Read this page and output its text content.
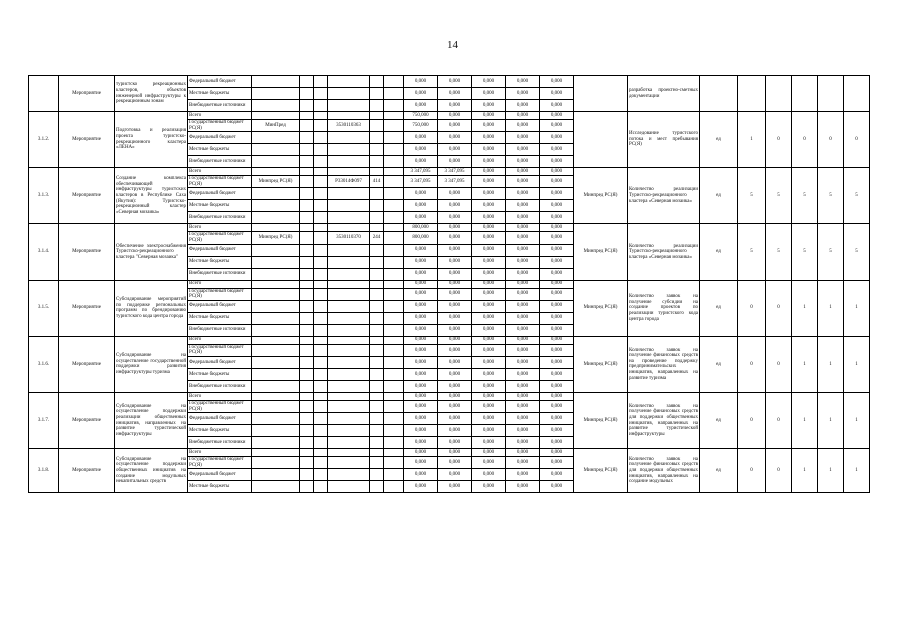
14
	Мероприятие	туристско рекреационных кластеров, объектов инженерной инфраструктуры к рекреационным зонам	Федеральный бюджет							0,000	0,000	0,000	0,000	0,000		разработка проектно-сметных документации						
			Местные бюджеты							0,000	0,000	0,000	0,000	0,000								
			Внебюджетные источники							0,000	0,000	0,000	0,000	0,000								
3.1.2.	Мероприятие	Подготовка и реализация проекта туристско-рекреационного кластера «ЛЕНА»	Всего							750,000	0,000	0,000	0,000	0,000		Исследование туристского потока и мест пребывания РС(Я)	ед	1	0	0	0	0
			Государственный бюджет РС(Я)	МинПред			3530110363			750,000	0,000	0,000	0,000	0,000								
			Федеральный бюджет							0,000	0,000	0,000	0,000	0,000								
			Местные бюджеты							0,000	0,000	0,000	0,000	0,000								
			Внебюджетные источники							0,000	0,000	0,000	0,000	0,000								
3.1.3.	Мероприятие	Создание комплекса обеспечивающей инфраструктуры туристских кластеров в Республике Саха (Якутия): Туристско-рекреационный кластер «Северная мозаика»	Всего							3 347,095	3 347,095	0,000	0,000	0,000	Минпред РС(Я)	Количество реализации Туристско-рекреационного кластера «Северная мозаика»	ед	5	5	5	5	5
			Государственный бюджет РС(Я)	Минпред РС(Я)			Р33014Ф097	414		3 347,095	3 347,095	0,000	0,000	0,000								
			Федеральный бюджет							0,000	0,000	0,000	0,000	0,000								
			Местные бюджеты							0,000	0,000	0,000	0,000	0,000								
			Внебюджетные источники							0,000	0,000	0,000	0,000	0,000								
3.1.4.	Мероприятие	Обеспечение электроснабжения Туристско-рекреационного кластера "Северная мозаика"	Всего							800,000	0,000	0,000	0,000	0,000	Минпред РС(Я)	Количество реализации Туристско-рекреационного кластера «Северная мозаика»	ед	5	5	5	5	5
			Государственный бюджет РС(Я)	Минпред РС(Я)			3530110370	244		800,000	0,000	0,000	0,000	0,000								
			Федеральный бюджет							0,000	0,000	0,000	0,000	0,000								
			Местные бюджеты							0,000	0,000	0,000	0,000	0,000								
			Внебюджетные источники							0,000	0,000	0,000	0,000	0,000								
3.1.5.	Мероприятие	Субсидирование мероприятий по поддержке региональных программ по брендированию туристского кода центра города	Всего							0,000	0,000	0,000	0,000	0,000	Минпред РС(Я)	Количество заявок на получение субсидии на создание проектов по реализации туристского кода центра города	ед	0	0	1	1	1
			Государственный бюджет РС(Я)							0,000	0,000	0,000	0,000	0,000								
			Федеральный бюджет							0,000	0,000	0,000	0,000	0,000								
			Местные бюджеты							0,000	0,000	0,000	0,000	0,000								
			Внебюджетные источники							0,000	0,000	0,000	0,000	0,000								
3.1.6.	Мероприятие	Субсидирование на осуществление государственной поддержки развития инфраструктуры туризма	Всего							0,000	0,000	0,000	0,000	0,000	Минпред РС(Я)	Количество заявок на получение финансовых средств на проведение поддержку предпринимательских инициатив, направленных на развитие туризма	ед	0	0	1	1	1
			Государственный бюджет РС(Я)							0,000	0,000	0,000	0,000	0,000								
			Федеральный бюджет							0,000	0,000	0,000	0,000	0,000								
			Местные бюджеты							0,000	0,000	0,000	0,000	0,000								
			Внебюджетные источники							0,000	0,000	0,000	0,000	0,000								
3.1.7.	Мероприятие	Субсидирование на осуществление поддержки реализации общественных инициатив, направленных на развитие туристической инфраструктуры	Всего							0,000	0,000	0,000	0,000	0,000	Минпред РС(Я)	Количество заявок на получение финансовых средств для поддержки общественных инициатив, направленных на развитие туристической инфраструктуры	ед	0	0	1	1	1
			Государственный бюджет РС(Я)							0,000	0,000	0,000	0,000	0,000								
			Федеральный бюджет							0,000	0,000	0,000	0,000	0,000								
			Местные бюджеты							0,000	0,000	0,000	0,000	0,000								
			Внебюджетные источники							0,000	0,000	0,000	0,000	0,000								
3.1.8.	Мероприятие	Субсидирование на осуществление поддержки общественных инициатив на создание модульных некапитальных средств	Всего							0,000	0,000	0,000	0,000	0,000	Минпред РС(Я)	Количество заявок на получение финансовых средств для поддержки общественных инициатив, направленных на создание модульных	ед	0	0	1	1	1
			Государственный бюджет РС(Я)							0,000	0,000	0,000	0,000	0,000								
			Федеральный бюджет							0,000	0,000	0,000	0,000	0,000								
			Местные бюджеты							0,000	0,000	0,000	0,000	0,000								
